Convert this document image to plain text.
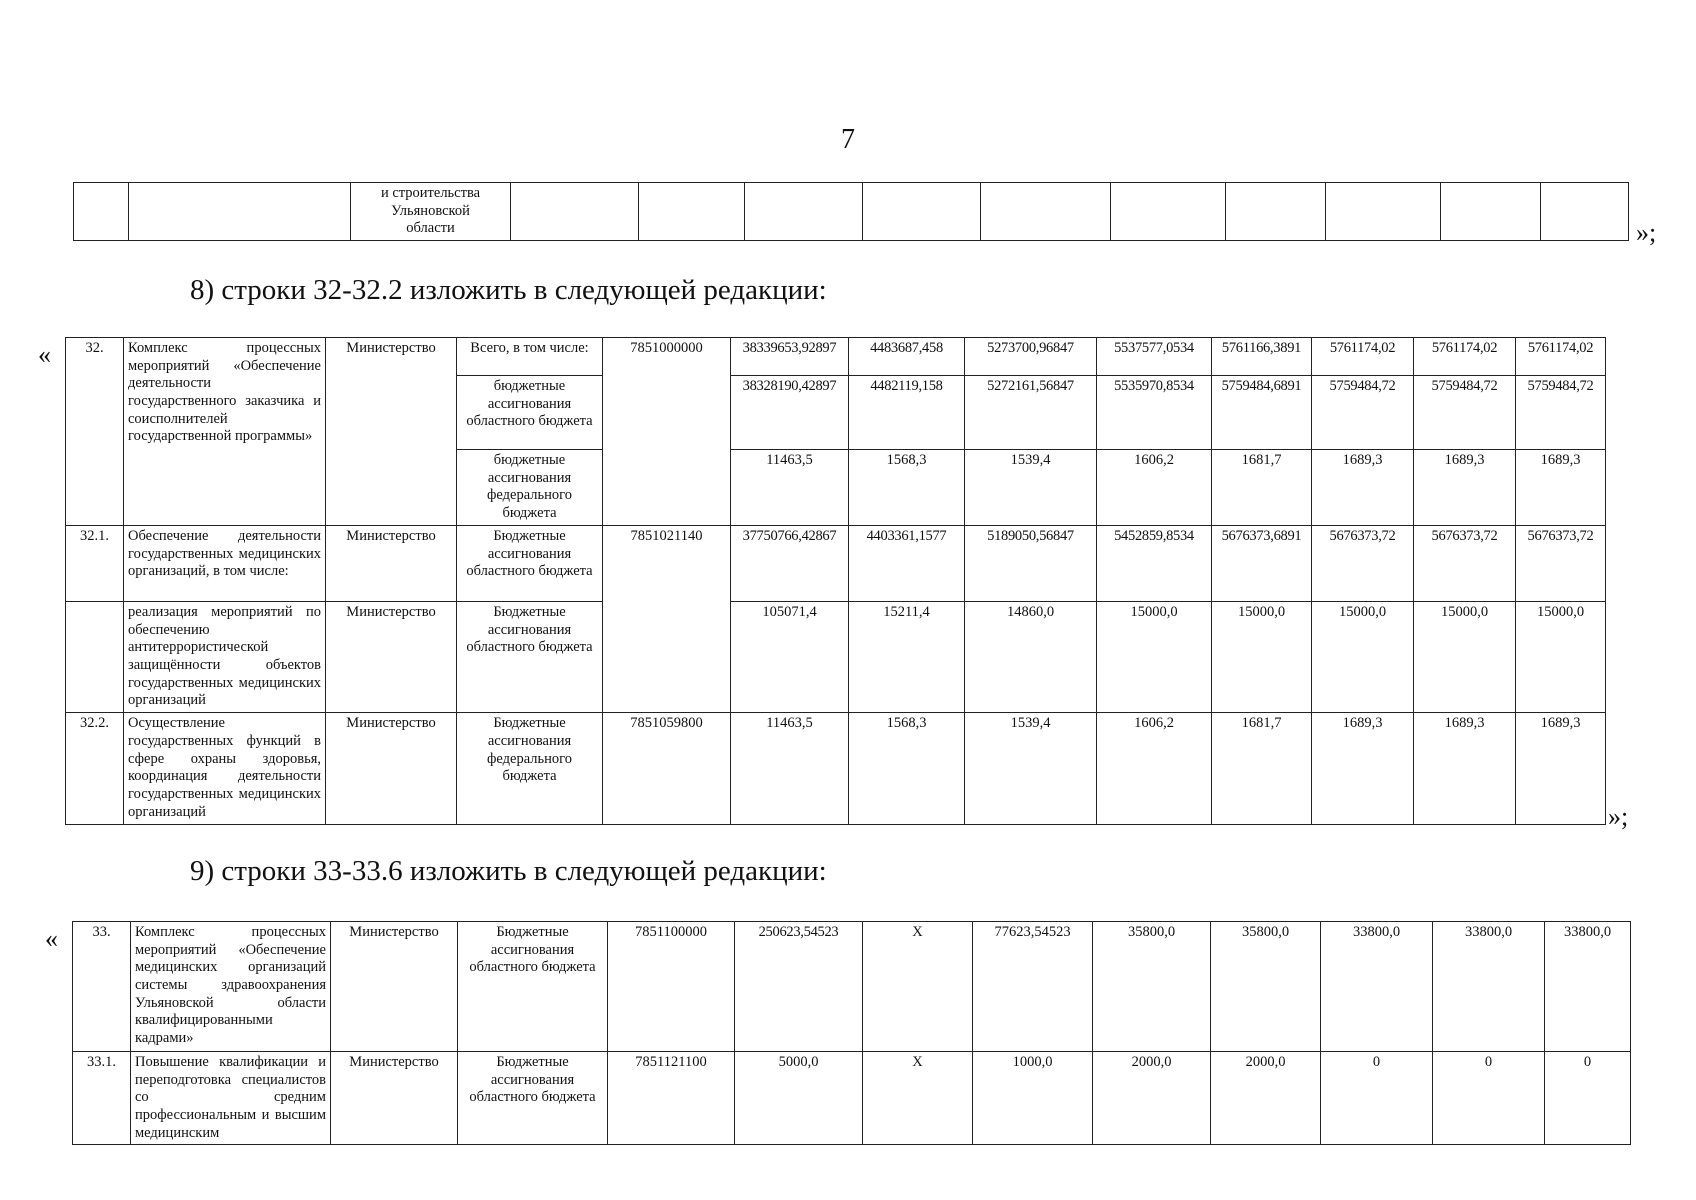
7
		и строительства Ульяновской области											»;
8) строки 32-32.2 изложить в следующей редакции:
« 32.	Комплекс процессных мероприятий «Обеспечение деятельности государственного заказчика и соисполнителей государственной программы»	Министерство	Всего, в том числе:	7851000000	38339653,92897	4483687,458	5273700,96847	5537577,0534	5761166,3891	5761174,02	5761174,02	5761174,02
			бюджетные ассигнования областного бюджета		38328190,42897	4482119,158	5272161,56847	5535970,8534	5759484,6891	5759484,72	5759484,72	5759484,72
			бюджетные ассигнования федерального бюджета		11463,5	1568,3	1539,4	1606,2	1681,7	1689,3	1689,3	1689,3
32.1.	Обеспечение деятельности государственных медицинских организаций, в том числе:	Министерство	Бюджетные ассигнования областного бюджета	7851021140	37750766,42867	4403361,1577	5189050,56847	5452859,8534	5676373,6891	5676373,72	5676373,72	5676373,72
	реализация мероприятий по обеспечению антитеррористической защищённости объектов государственных медицинских организаций	Министерство	Бюджетные ассигнования областного бюджета		105071,4	15211,4	14860,0	15000,0	15000,0	15000,0	15000,0	15000,0
32.2.	Осуществление государственных функций в сфере охраны здоровья, координация деятельности государственных медицинских организаций	Министерство	Бюджетные ассигнования федерального бюджета	7851059800	11463,5	1568,3	1539,4	1606,2	1681,7	1689,3	1689,3	1689,3
»;
9) строки 33-33.6 изложить в следующей редакции:
« 33.	Комплекс процессных мероприятий «Обеспечение медицинских организаций системы здравоохранения Ульяновской области квалифицированными кадрами»	Министерство	Бюджетные ассигнования областного бюджета	7851100000	250623,54523	X	77623,54523	35800,0	35800,0	33800,0	33800,0	33800,0
33.1.	Повышение квалификации и переподготовка специалистов со средним профессиональным и высшим медицинским	Министерство	Бюджетные ассигнования областного бюджета	7851121100	5000,0	X	1000,0	2000,0	2000,0	0	0	0
